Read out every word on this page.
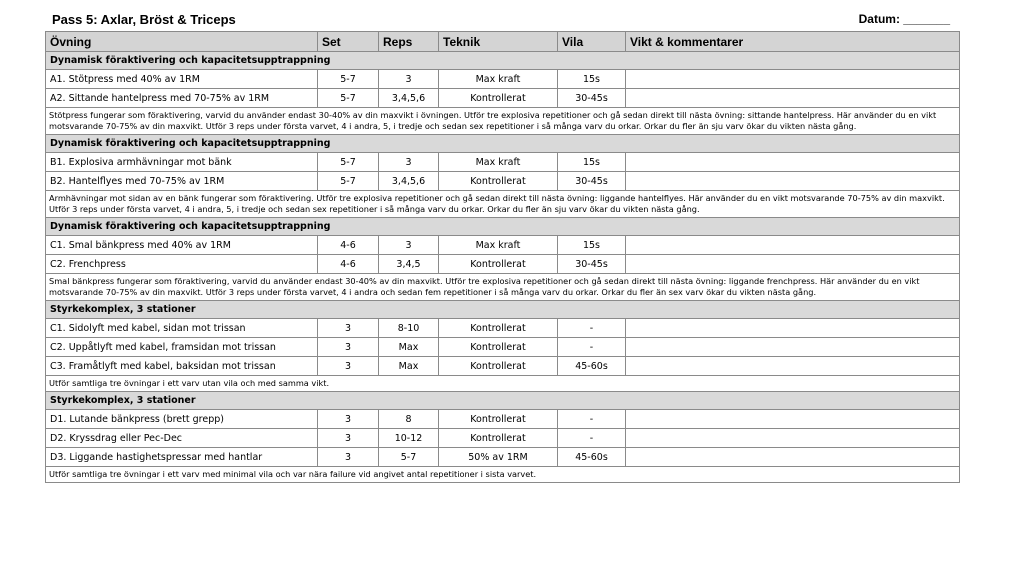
Pass 5: Axlar, Bröst & Triceps	Datum: _______
Övning	Set	Reps	Teknik	Vila	Vikt & kommentarer
Dynamisk föraktivering och kapacitetsupptrappning					
A1. Stötpress med 40% av 1RM	5-7	3	Max kraft	15s	
A2. Sittande hantelpress med 70-75% av 1RM	5-7	3,4,5,6	Kontrollerat	30-45s	
Stötpress fungerar som föraktivering, varvid du använder endast 30-40% av din maxvikt i övningen. Utför tre explosiva repetitioner och gå sedan direkt till nästa övning: sittande hantelpress. Här använder du en vikt motsvarande 70-75% av din maxvikt. Utför 3 reps under första varvet, 4 i andra, 5, i tredje och sedan sex repetitioner i så många varv du orkar. Orkar du fler än sju varv ökar du vikten nästa gång.					
Dynamisk föraktivering och kapacitetsupptrappning					
B1. Explosiva armhävningar mot bänk	5-7	3	Max kraft	15s	
B2. Hantelflyes med 70-75% av 1RM	5-7	3,4,5,6	Kontrollerat	30-45s	
Armhävningar mot sidan av en bänk fungerar som föraktivering. Utför tre explosiva repetitioner och gå sedan direkt till nästa övning: liggande hantelflyes. Här använder du en vikt motsvarande 70-75% av din maxvikt. Utför 3 reps under första varvet, 4 i andra, 5, i tredje och sedan sex repetitioner i så många varv du orkar. Orkar du fler än sju varv ökar du vikten nästa gång.					
Dynamisk föraktivering och kapacitetsupptrappning					
C1. Smal bänkpress med 40% av 1RM	4-6	3	Max kraft	15s	
C2. Frenchpress	4-6	3,4,5	Kontrollerat	30-45s	
Smal bänkpress fungerar som föraktivering, varvid du använder endast 30-40% av din maxvikt. Utför tre explosiva repetitioner och gå sedan direkt till nästa övning: liggande frenchpress. Här använder du en vikt motsvarande 70-75% av din maxvikt. Utför 3 reps under första varvet, 4 i andra och sedan fem repetitioner i så många varv du orkar. Orkar du fler än sex varv ökar du vikten nästa gång.					
Styrkekomplex, 3 stationer					
C1. Sidolyft med kabel, sidan mot trissan	3	8-10	Kontrollerat	-	
C2. Uppåtlyft med kabel, framsidan mot trissan	3	Max	Kontrollerat	-	
C3. Framåtlyft med kabel, baksidan mot trissan	3	Max	Kontrollerat	45-60s	
Utför samtliga tre övningar i ett varv utan vila och med samma vikt.					
Styrkekomplex, 3 stationer					
D1. Lutande bänkpress (brett grepp)	3	8	Kontrollerat	-	
D2. Kryssdrag eller Pec-Dec	3	10-12	Kontrollerat	-	
D3. Liggande hastighetspressar med hantlar	3	5-7	50% av 1RM	45-60s	
Utför samtliga tre övningar i ett varv med minimal vila och var nära failure vid angivet antal repetitioner i sista varvet.					
